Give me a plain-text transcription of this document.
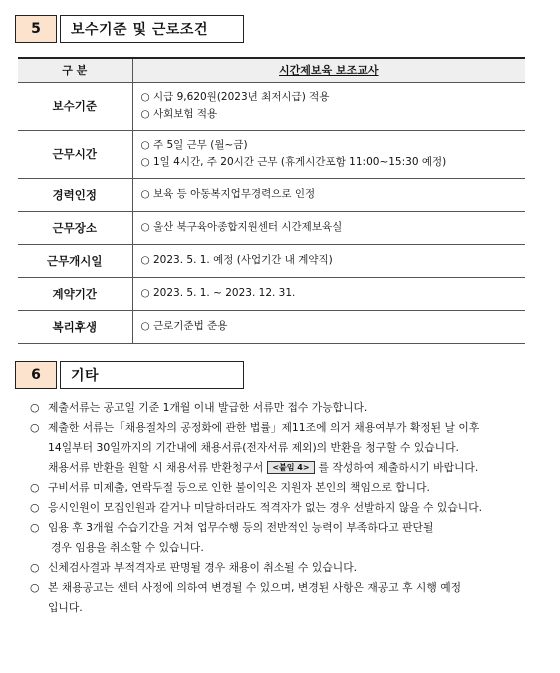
5	보수기준 및 근로조건
구 분	시간제보육 보조교사
보수기준	○ 시급 9,620원(2023년 최저시급) 적용
○ 사회보험 적용

근무시간	○ 주 5일 근무 (월~금)
○ 1일 4시간, 주 20시간 근무 (휴게시간포함 11:00~15:30 예정)

경력인정	○ 보육 등 아동복지업무경력으로 인정
근무장소	○ 울산 북구육아종합지원센터 시간제보육실
근무개시일	○ 2023. 5. 1. 예정 (사업기간 내 계약직)
계약기간	○ 2023. 5. 1. ~ 2023. 12. 31.
복리후생	○ 근로기준법 준용
6	기타
○ 제출서류는 공고일 기준 1개월 이내 발급한 서류만 접수 가능합니다.
○ 제출한 서류는「채용절차의 공정화에 관한 법률」제11조에 의거 채용여부가 확정된 날 이후
14일부터 30일까지의 기간내에 채용서류(전자서류 제외)의 반환을 청구할 수 있습니다.
채용서류 반환을 원할 시 채용서류 반환청구서 <붙임 4> 를 작성하여 제출하시기 바랍니다.
○ 구비서류 미제출, 연락두절 등으로 인한 불이익은 지원자 본인의 책임으로 합니다.
○ 응시인원이 모집인원과 같거나 미달하더라도 적격자가 없는 경우 선발하지 않을 수 있습니다.
○ 임용 후 3개월 수습기간을 거쳐 업무수행 등의 전반적인 능력이 부족하다고 판단될
경우 임용을 취소할 수 있습니다.
○ 신체검사결과 부적격자로 판명될 경우 채용이 취소될 수 있습니다.
○ 본 채용공고는 센터 사정에 의하여 변경될 수 있으며, 변경된 사항은 재공고 후 시행 예정
입니다.
